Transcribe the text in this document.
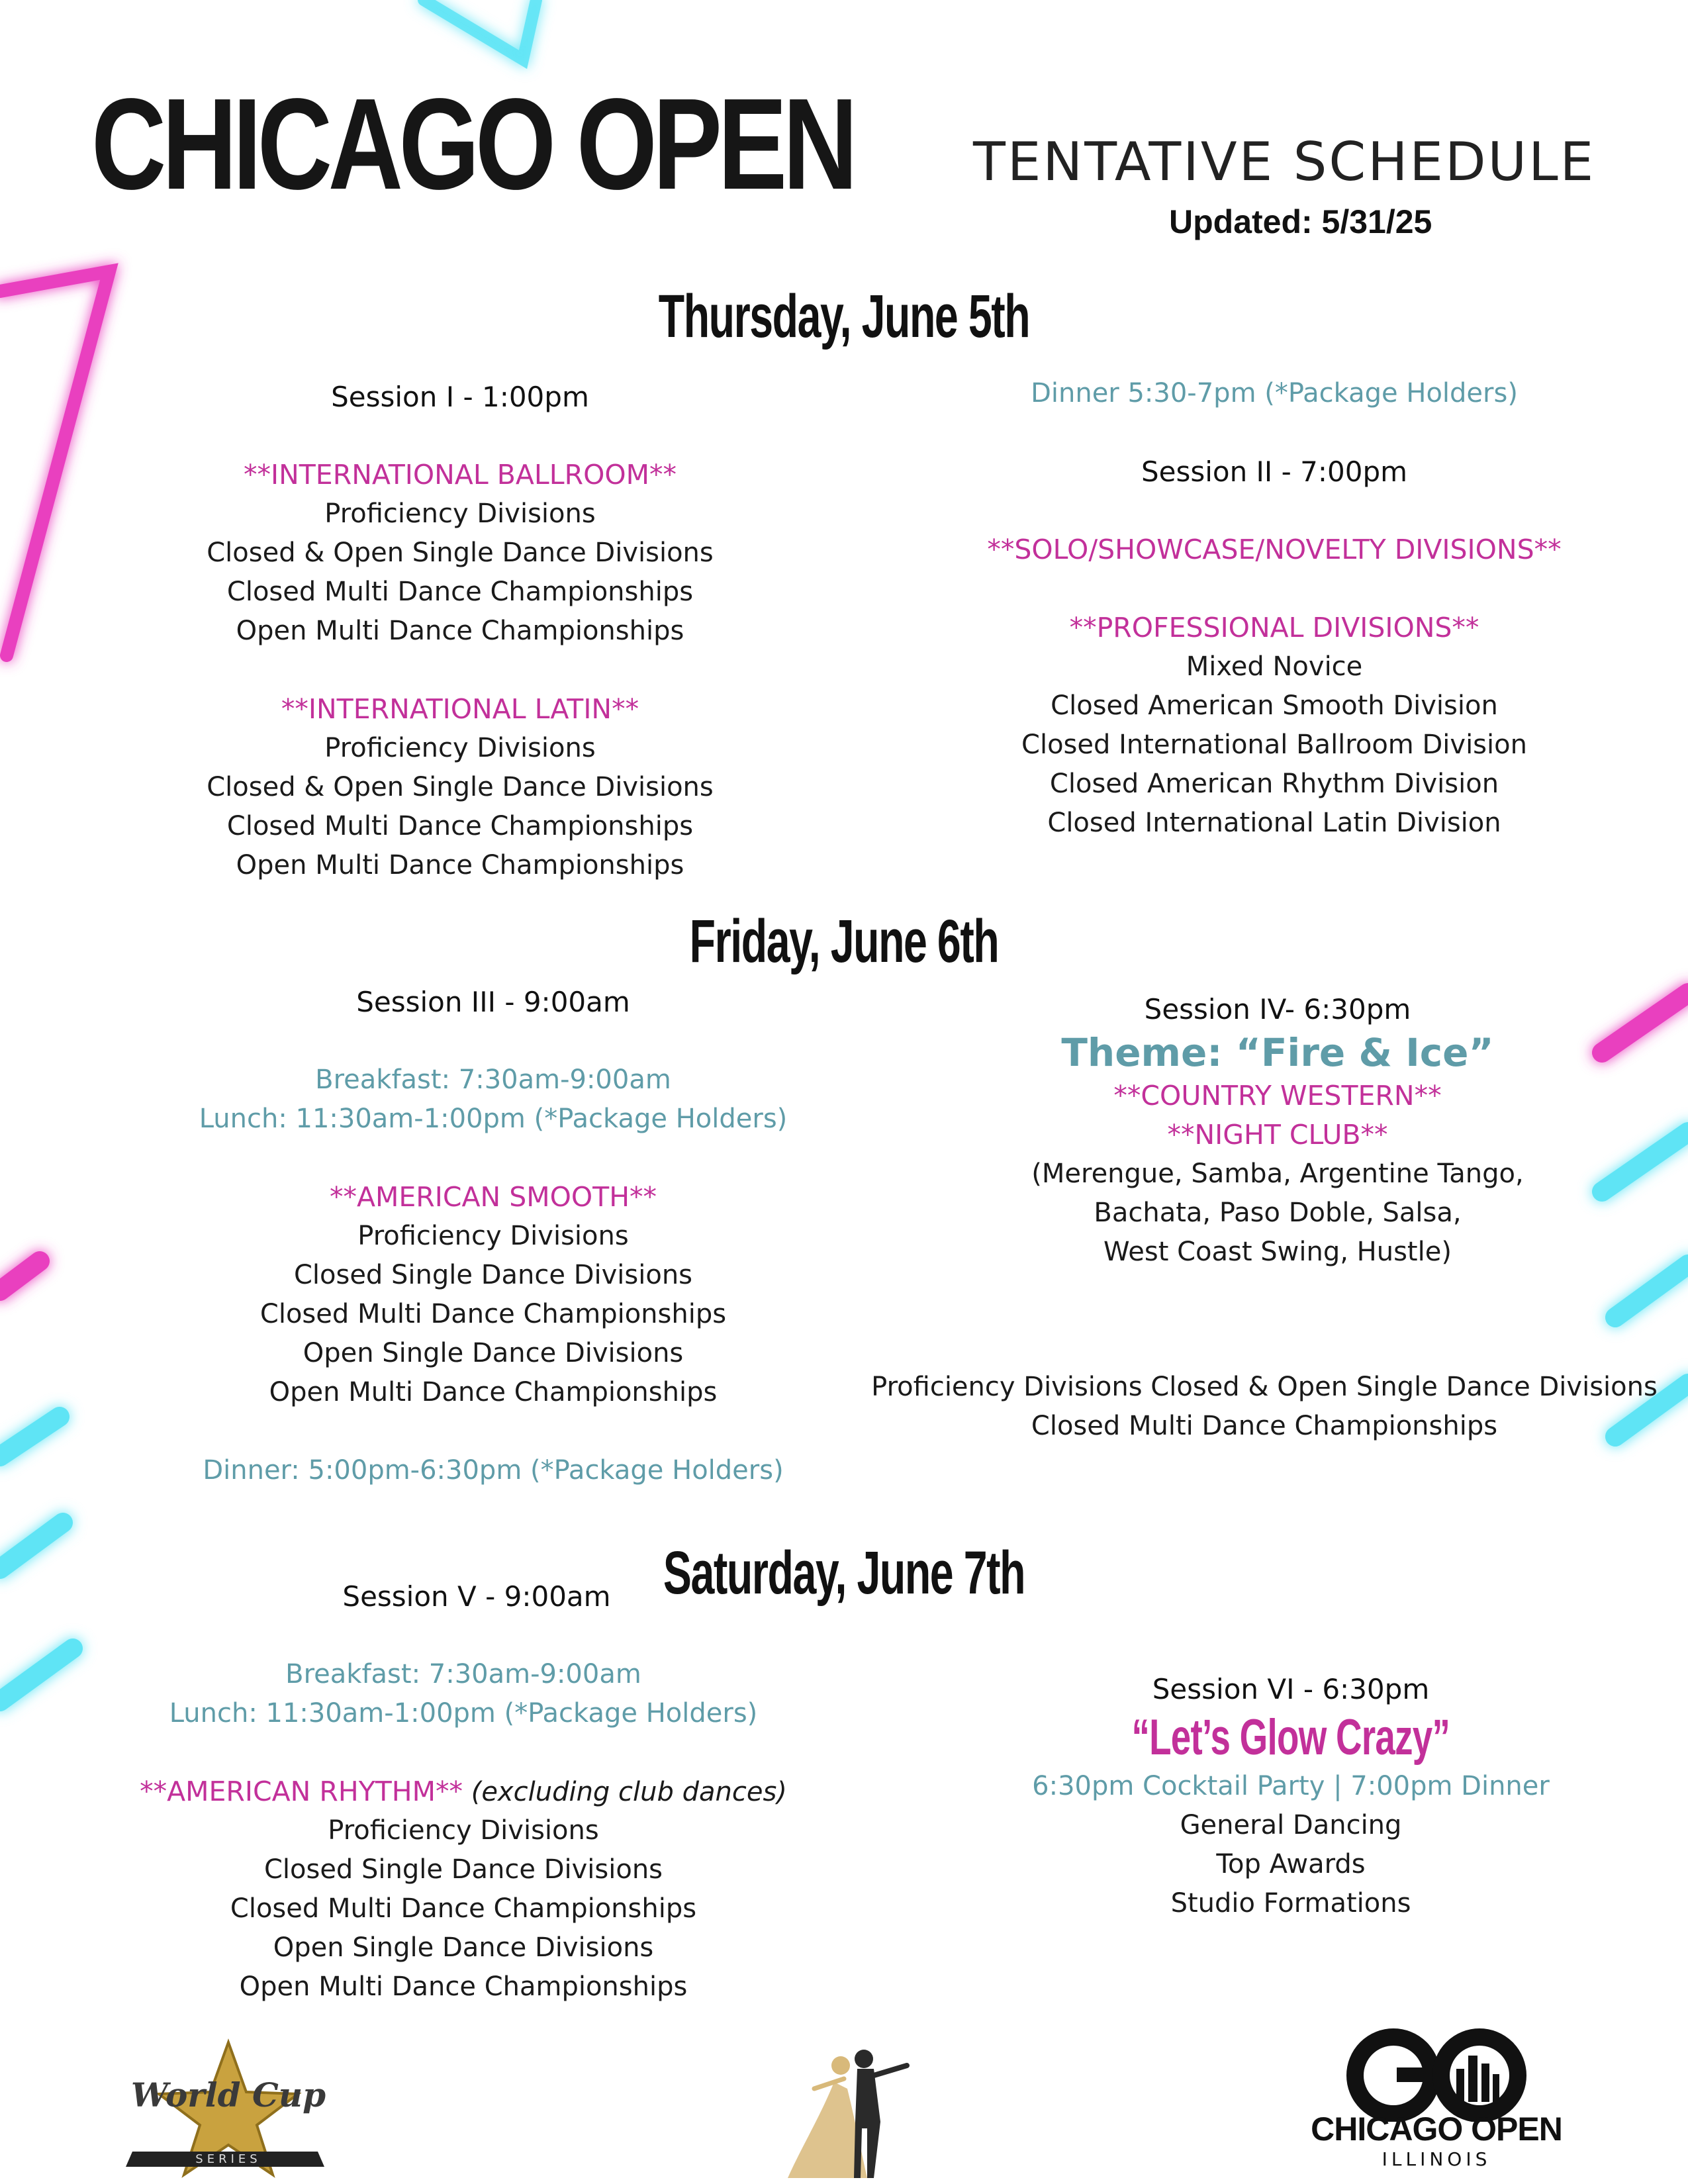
CHICAGO OPEN TENTATIVE SCHEDULE
Updated: 5/31/25
Thursday, June 5th
Session I - 1:00pm
**INTERNATIONAL BALLROOM**
Proficiency Divisions
Closed & Open Single Dance Divisions
Closed Multi Dance Championships
Open Multi Dance Championships
**INTERNATIONAL LATIN**
Proficiency Divisions
Closed & Open Single Dance Divisions
Closed Multi Dance Championships
Open Multi Dance Championships
Dinner 5:30-7pm (*Package Holders)
Session II - 7:00pm
**SOLO/SHOWCASE/NOVELTY DIVISIONS**
**PROFESSIONAL DIVISIONS**
Mixed Novice
Closed American Smooth Division
Closed International Ballroom Division
Closed American Rhythm Division
Closed International Latin Division
Friday, June 6th
Session III - 9:00am
Breakfast: 7:30am-9:00am
Lunch: 11:30am-1:00pm (*Package Holders)
**AMERICAN SMOOTH**
Proficiency Divisions
Closed Single Dance Divisions
Closed Multi Dance Championships
Open Single Dance Divisions
Open Multi Dance Championships
Dinner: 5:00pm-6:30pm (*Package Holders)
Session IV- 6:30pm
Theme: “Fire & Ice”
**COUNTRY WESTERN**
**NIGHT CLUB**
(Merengue, Samba, Argentine Tango,
Bachata, Paso Doble, Salsa,
West Coast Swing, Hustle)
Proficiency Divisions Closed & Open Single Dance Divisions
Closed Multi Dance Championships
Saturday, June 7th
Session V - 9:00am
Breakfast: 7:30am-9:00am
Lunch: 11:30am-1:00pm (*Package Holders)
**AMERICAN RHYTHM** (excluding club dances)
Proficiency Divisions
Closed Single Dance Divisions
Closed Multi Dance Championships
Open Single Dance Divisions
Open Multi Dance Championships
Session VI - 6:30pm
“Let’s Glow Crazy”
6:30pm Cocktail Party | 7:00pm Dinner
General Dancing
Top Awards
Studio Formations
World Cup
SERIES
CHICAGO OPEN
ILLINOIS
